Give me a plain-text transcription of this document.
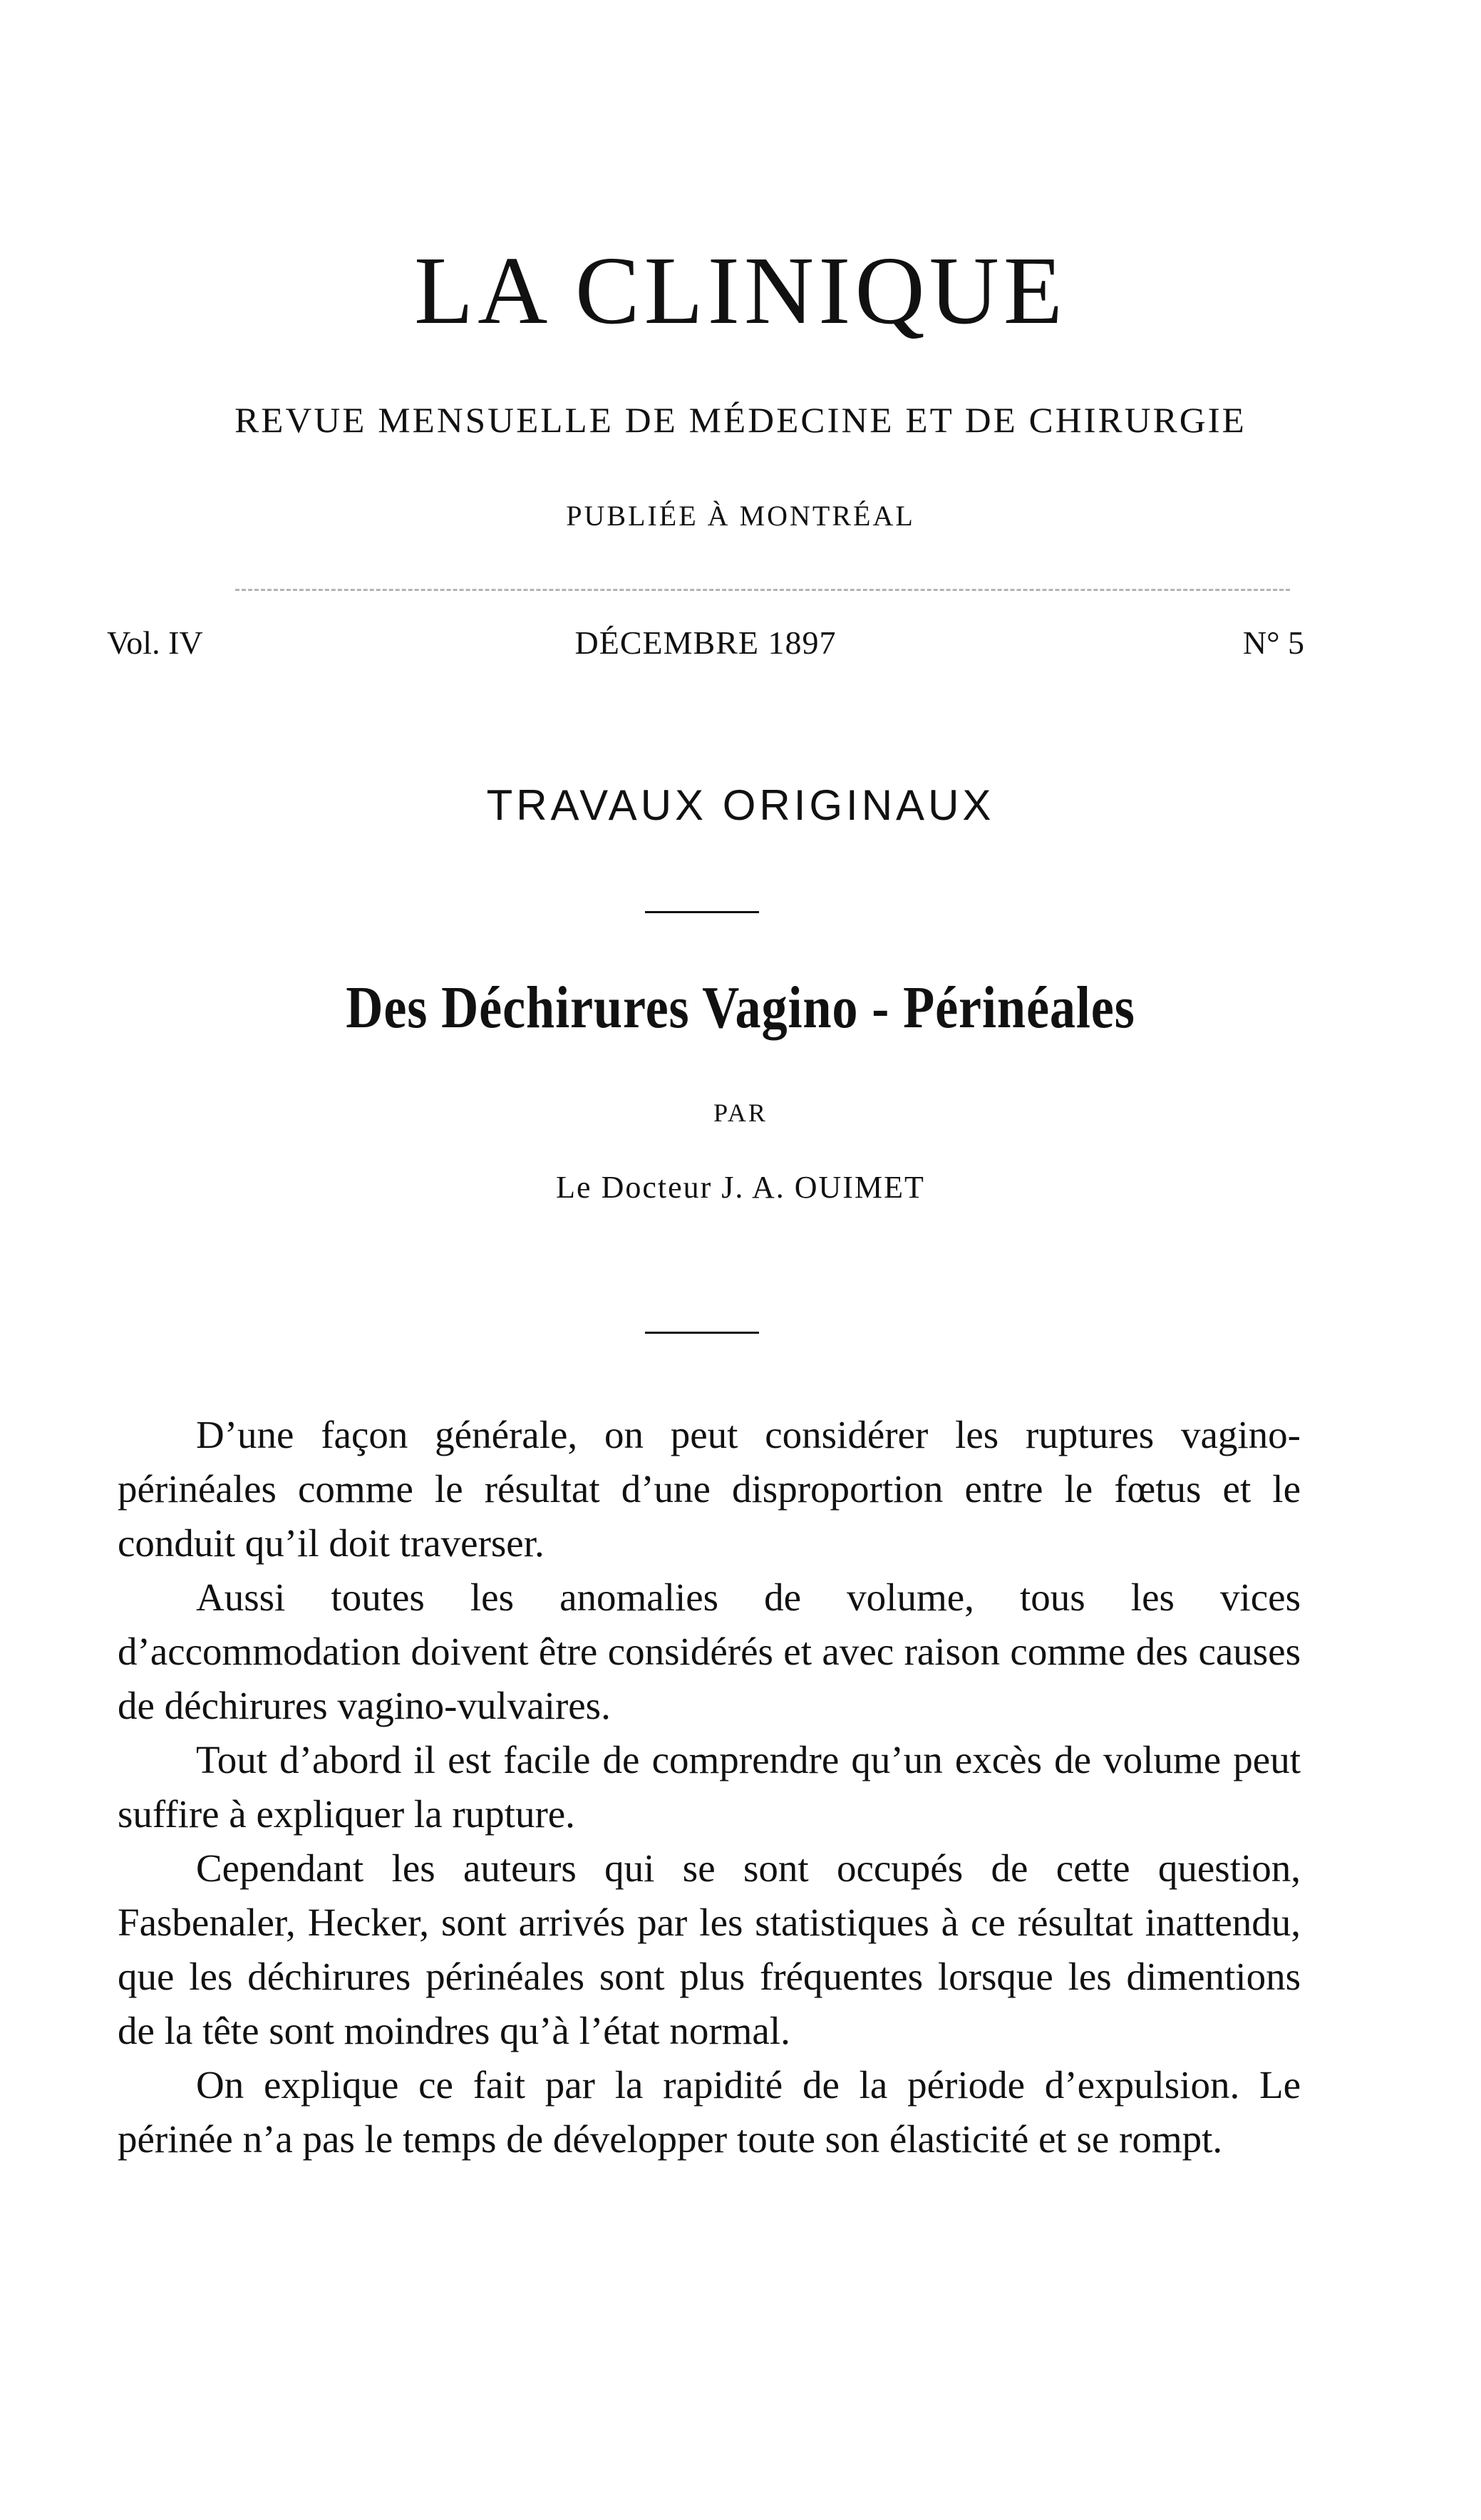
LA CLINIQUE
REVUE MENSUELLE DE MÉDECINE ET DE CHIRURGIE
PUBLIÉE À MONTRÉAL
Vol. IV	DÉCEMBRE 1897	N° 5
TRAVAUX ORIGINAUX
Des Déchirures Vagino - Périnéales
PAR
Le Docteur J. A. OUIMET

D’une façon générale, on peut considérer les ruptures vagino-périnéales comme le résultat d’une disproportion entre le fœtus et le conduit qu’il doit traverser.

Aussi toutes les anomalies de volume, tous les vices d’accommodation doivent être considérés et avec raison comme des causes de déchirures vagino-vulvaires.

Tout d’abord il est facile de comprendre qu’un excès de volume peut suffire à expliquer la rupture.

Cependant les auteurs qui se sont occupés de cette question, Fasbenaler, Hecker, sont arrivés par les statistiques à ce résultat inattendu, que les déchirures périnéales sont plus fréquentes lorsque les dimentions de la tête sont moindres qu’à l’état normal.

On explique ce fait par la rapidité de la période d’expulsion. Le périnée n’a pas le temps de développer toute son élasticité et se rompt.
